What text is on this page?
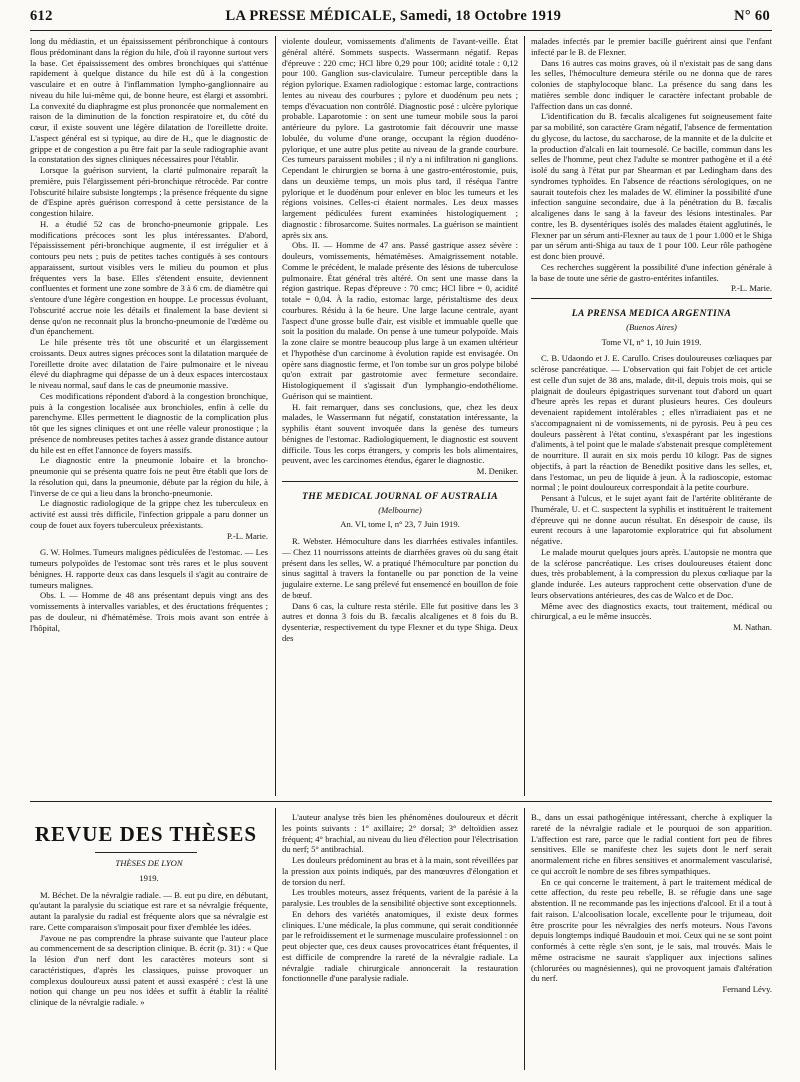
612	LA PRESSE MÉDICALE, Samedi, 18 Octobre 1919	N° 60

long du médiastin, et un épaississement péribronchique à contours flous prédominant dans la région du hile, d'où il rayonne surtout vers la base. Cet épaississement des ombres bronchiques qui s'atténue rapidement à quelque distance du hile est dû à la congestion vasculaire et en outre à l'inflammation lympho-ganglionnaire au niveau du hile lui-même qui, de bonne heure, est élargi et assombri. La convexité du diaphragme est plus prononcée que normalement en raison de la diminution de la fonction respiratoire et, du côté du cœur, il existe souvent une légère dilatation de l'oreillette droite. L'aspect général est si typique, au dire de H., que le diagnostic de grippe et de congestion a pu être fait par la seule radiographie avant la constatation des signes cliniques nécessaires pour l'établir.

Lorsque la guérison survient, la clarté pulmonaire reparaît la première, puis l'élargissement péri-bronchique rétrocède. Par contre l'obscurité hilaire subsiste longtemps ; la présence fréquente du signe de d'Espine après guérison correspond à cette persistance de la congestion hilaire.

H. a étudié 52 cas de broncho-pneumonie grippale. Les modifications précoces sont les plus intéressantes. D'abord, l'épaississement péri-bronchique augmente, il est irrégulier et à contours peu nets ; puis de petites taches contiguës à ses contours apparaissent, surtout visibles vers le milieu du poumon et plus fréquentes vers la base. Elles s'étendent ensuite, deviennent confluentes et forment une zone sombre de 3 à 6 cm. de diamètre qui s'entoure d'une légère congestion en houppe. Le processus évoluant, l'obscurité accrue noie les détails et finalement la base devient si dense qu'on ne reconnait plus la broncho-pneumonie de l'œdème ou d'un épanchement.

Le hile présente très tôt une obscurité et un élargissement croissants. Deux autres signes précoces sont la dilatation marquée de l'oreillette droite avec dilatation de l'aire pulmonaire et le niveau élevé du diaphragme qui dépasse de un à deux espaces intercostaux le niveau normal, sauf dans le cas de pneumonie massive.

Ces modifications répondent d'abord à la congestion bronchique, puis à la congestion localisée aux bronchioles, enfin à celle du parenchyme. Elles permettent le diagnostic de la complication plus tôt que les signes cliniques et ont une réelle valeur pronostique ; la présence de nombreuses petites taches à assez grande distance autour du hile est en effet l'annonce de foyers massifs.

Le diagnostic entre la pneumonie lobaire et la broncho-pneumonie qui se présenta quatre fois ne peut être établi que lors de la résolution qui, dans la pneumonie, débute par la région du hile, à l'inverse de ce qui a lieu dans la broncho-pneumonie.

Le diagnostic radiologique de la grippe chez les tuberculeux en activité est aussi très difficile, l'infection grippale a paru donner un coup de fouet aux foyers tuberculeux préexistants.

P.-L. Marie.

G. W. Holmes. Tumeurs malignes pédiculées de l'estomac. — Les tumeurs polypoïdes de l'estomac sont très rares et le plus souvent bénignes. H. rapporte deux cas dans lesquels il s'agit au contraire de tumeurs malignes.

Obs. I. — Homme de 48 ans présentant depuis vingt ans des vomissements à intervalles variables, et des éructations fréquentes ; pas de douleur, ni d'hématémèse. Trois mois avant son entrée à l'hôpital,

violente douleur, vomissements d'aliments de l'avant-veille. État général altéré. Sommets suspects. Wassermann négatif. Repas d'épreuve : 220 cmc; HCl libre 0,29 pour 100; acidité totale : 0,12 pour 100. Ganglion sus-claviculaire. Tumeur perceptible dans la région pylorique. Examen radiologique : estomac large, contractions lentes au niveau des courbures ; pylore et duodénum peu nets ; temps d'évacuation non contrôlé. Diagnostic posé : ulcère pylorique probable. Laparotomie : on sent une tumeur mobile sous la paroi antérieure du pylore. La gastrotomie fait découvrir une masse lobulée, du volume d'une orange, occupant la région duodéno-pylorique, et une autre plus petite au niveau de la grande courbure. Ces tumeurs paraissent mobiles ; il n'y a ni infiltration ni ganglions. Cependant le chirurgien se borna à une gastro-entérostomie, puis, dans un deuxième temps, un mois plus tard, il réséqua l'antre pylorique et le duodénum pour enlever en bloc les tumeurs et les régions voisines. Celles-ci étaient normales. Les deux masses largement pédiculées furent examinées histologiquement ; diagnostic : fibrosarcome. Suites normales. La guérison se maintient après six ans.

Obs. II. — Homme de 47 ans. Passé gastrique assez sévère : douleurs, vomissements, hématémèses. Amaigrissement notable. Comme le précédent, le malade présente des lésions de tuberculose pulmonaire. État général très altéré. On sent une masse dans la région gastrique. Repas d'épreuve : 70 cmc; HCl libre = 0, acidité totale = 0,04. À la radio, estomac large, péristaltisme des deux courbures. Résidu à la 6e heure. Une large lacune centrale, ayant l'aspect d'une grosse bulle d'air, est visible et immuable quelle que soit la position du malade. On pense à une tumeur polypoïde. Mais la zone claire se montre beaucoup plus large à un examen ultérieur et l'hypothèse d'un carcinome à évolution rapide est envisagée. On opère sans diagnostic ferme, et l'on tombe sur un gros polype bilobé qu'on extrait par gastrotomie avec fermeture secondaire. Histologiquement il s'agissait d'un lymphangio-endothéliome. Guérison qui se maintient.

H. fait remarquer, dans ses conclusions, que, chez les deux malades, le Wassermann fut négatif, constatation intéressante, la syphilis étant souvent invoquée dans la genèse des tumeurs bénignes de l'estomac. Radiologiquement, le diagnostic est souvent difficile. Tous les corps étrangers, y compris les bols alimentaires, peuvent, avec les carcinomes étendus, égarer le diagnostic.

M. Deniker.

THE MEDICAL JOURNAL OF AUSTRALIA

(Melbourne)

An. VI, tome I, n° 23, 7 Juin 1919.

R. Webster. Hémoculture dans les diarrhées estivales infantiles. — Chez 11 nourrissons atteints de diarrhées graves où du sang était présent dans les selles, W. a pratiqué l'hémoculture par ponction du sinus sagittal à travers la fontanelle ou par ponction de la veine jugulaire externe. Le sang prélevé fut ensemencé en bouillon de foie de bœuf.

Dans 6 cas, la culture resta stérile. Elle fut positive dans les 3 autres et donna 3 fois du B. fæcalis alcaligenes et 8 fois du B. dysenteriæ, respectivement du type Flexner et du type Shiga. Deux des

malades infectés par le premier bacille guérirent ainsi que l'enfant infecté par le B. de Flexner.

Dans 16 autres cas moins graves, où il n'existait pas de sang dans les selles, l'hémoculture demeura stérile ou ne donna que de rares colonies de staphylocoque blanc. La présence du sang dans les matières semble donc indiquer le caractère infectant probable de l'affection dans un cas donné.

L'identification du B. fæcalis alcaligenes fut soigneusement faite par sa mobilité, son caractère Gram négatif, l'absence de fermentation du glycose, du lactose, du saccharose, de la mannite et de la dulcite et la production d'alcali en lait tournesolé. Ce bacille, commun dans les selles de l'homme, peut chez l'adulte se montrer pathogène et il a été isolé du sang à l'état pur par Shearman et par Ledingham dans des syndromes typhoïdes. En l'absence de réactions sérologiques, on ne saurait toutefois chez les malades de W. éliminer la possibilité d'une infection sanguine secondaire, due à la pénétration du B. fæcalis alcaligenes dans le sang à la faveur des lésions intestinales. Par contre, les B. dysentériques isolés des malades étaient agglutinés, le Flexner par un sérum anti-Flexner au taux de 1 pour 1.000 et le Shiga par un sérum anti-Shiga au taux de 1 pour 100. Leur rôle pathogène est donc bien prouvé.

Ces recherches suggèrent la possibilité d'une infection générale à la base de toute une série de gastro-entérites infantiles.

P.-L. Marie.

LA PRENSA MEDICA ARGENTINA

(Buenos Aires)

Tome VI, n° 1, 10 Juin 1919.

C. B. Udaondo et J. E. Carullo. Crises douloureuses cœliaques par sclérose pancréatique. — L'observation qui fait l'objet de cet article est celle d'un sujet de 38 ans, malade, dit-il, depuis trois mois, qui se plaignait de douleurs épigastriques survenant tout d'abord un quart d'heure après les repas et durant plusieurs heures. Ces douleurs devenaient rapidement intolérables ; elles n'irradiaient pas et ne s'accompagnaient ni de vomissements, ni de pyrosis. Peu à peu ces douleurs passèrent à l'état continu, s'exaspérant par les ingestions d'aliments, à tel point que le malade s'abstenait presque complètement de nourriture. Il aurait en six mois perdu 10 kilogr. Pas de signes objectifs, à part la réaction de Benedikt positive dans les selles, et, dans l'estomac, un peu de liquide à jeun. À la radioscopie, estomac normal ; le point douloureux correspondait à la petite courbure.

Pensant à l'ulcus, et le sujet ayant fait de l'artérite oblitérante de l'humérale, U. et C. suspectent la syphilis et instituèrent le traitement d'épreuve qui ne donne aucun résultat. En désespoir de cause, ils eurent recours à une laparotomie exploratrice qui fut absolument négative.

Le malade mourut quelques jours après. L'autopsie ne montra que de la sclérose pancréatique. Les crises douloureuses étaient donc dues, très probablement, à la compression du plexus cœliaque par la glande indurée. Les auteurs rapprochent cette observation d'une de leurs observations antérieures, des cas de Walco et de Doc.

Même avec des diagnostics exacts, tout traitement, médical ou chirurgical, a eu le même insuccès.

M. Nathan.

REVUE DES THÈSES

THÈSES DE LYON

1919.

M. Béchet. De la névralgie radiale. — B. eut pu dire, en débutant, qu'autant la paralysie du sciatique est rare et sa névralgie fréquente, autant la paralysie du radial est fréquente alors que sa névralgie est rare. Cette comparaison s'imposait pour fixer d'emblée les idées.

J'avoue ne pas comprendre la phrase suivante que l'auteur place au commencement de sa description clinique. B. écrit (p. 31) : « Que la lésion d'un nerf dont les caractères moteurs sont si caractéristiques, d'après les classiques, puisse provoquer un complexus douloureux aussi patent et aussi exaspéré : c'est là une notion qui change un peu nos idées et suffit à établir la réalité clinique de la névralgie radiale. »

L'auteur analyse très bien les phénomènes douloureux et décrit les points suivants : 1° axillaire; 2° dorsal; 3° deltoïdien assez fréquent; 4° brachial, au niveau du lieu d'élection pour l'électrisation du nerf; 5° antibrachial.

Les douleurs prédominent au bras et à la main, sont réveillées par la pression aux points indiqués, par des manœuvres d'élongation et de torsion du nerf.

Les troubles moteurs, assez fréquents, varient de la parésie à la paralysie. Les troubles de la sensibilité objective sont exceptionnels.

En dehors des variétés anatomiques, il existe deux formes cliniques. L'une médicale, la plus commune, qui serait conditionnée par le refroidissement et le surmenage musculaire professionnel : on peut objecter que, ces deux causes provocatrices étant fréquentes, il est difficile de comprendre la rareté de la névralgie radiale. La névralgie radiale chirurgicale annoncerait la restauration fonctionnelle d'une paralysie radiale.

B., dans un essai pathogénique intéressant, cherche à expliquer la rareté de la névralgie radiale et le pourquoi de son apparition. L'affection est rare, parce que le radial contient fort peu de fibres sensitives. Elle se manifeste chez les sujets dont le nerf serait anormalement riche en fibres sensitives et anormalement vascularisé, ce qui accroît le nombre de ses fibres sympathiques.

En ce qui concerne le traitement, à part le traitement médical de cette affection, du reste peu rebelle, B. se réfugie dans une sage abstention. Il ne recommande pas les injections d'alcool. Et il a tout à fait raison. L'alcoolisation locale, excellente pour le trijumeau, doit être proscrite pour les névralgies des nerfs moteurs. Nous l'avons depuis longtemps indiqué Baudouin et moi. Ceux qui ne se sont point conformés à cette règle s'en sont, je le sais, mal trouvés. Mais le même ostracisme ne saurait s'appliquer aux injections salines (chlorurées ou magnésiennes), qui ne provoquent jamais d'altération du nerf.

Fernand Lévy.
